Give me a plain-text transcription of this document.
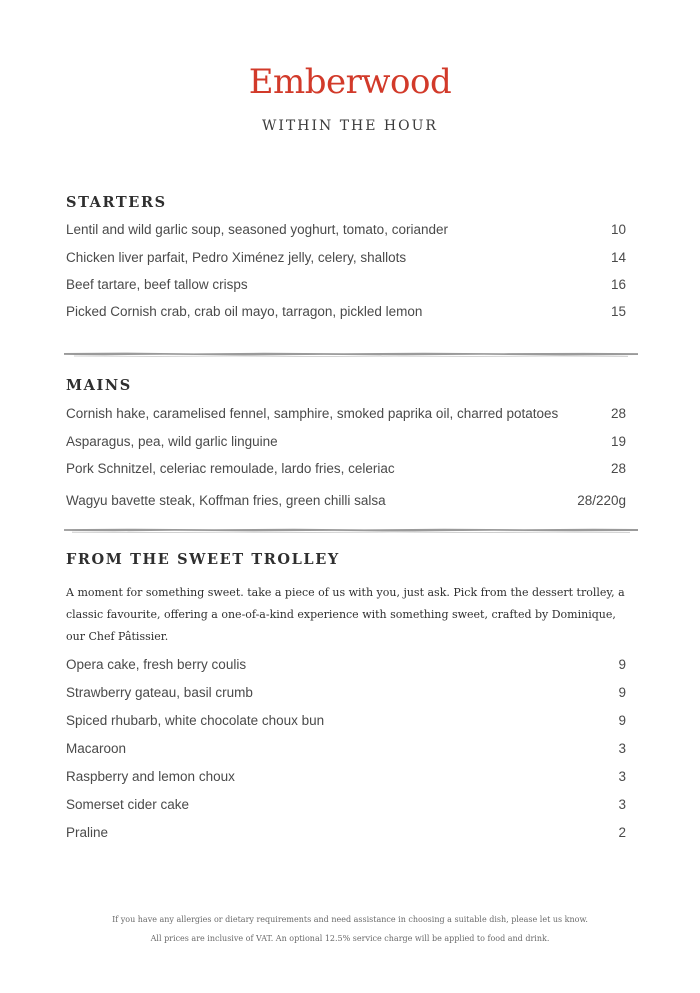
Emberwood
WITHIN THE HOUR
STARTERS
Lentil and wild garlic soup, seasoned yoghurt, tomato, coriander	10
Chicken liver parfait, Pedro Ximénez jelly, celery, shallots	14
Beef tartare, beef tallow crisps	16
Picked Cornish crab, crab oil mayo, tarragon, pickled lemon	15
MAINS
Cornish hake, caramelised fennel, samphire, smoked paprika oil, charred potatoes	28
Asparagus, pea, wild garlic linguine	19
Pork Schnitzel, celeriac remoulade, lardo fries, celeriac	28
Wagyu bavette steak, Koffman fries, green chilli salsa	28/220g
FROM THE SWEET TROLLEY
A moment for something sweet. take a piece of us with you, just ask. Pick from the dessert trolley, a classic favourite, offering a one-of-a-kind experience with something sweet, crafted by Dominique, our Chef Pâtissier.
Opera cake, fresh berry coulis	9
Strawberry gateau, basil crumb	9
Spiced rhubarb, white chocolate choux bun	9
Macaroon	3
Raspberry and lemon choux	3
Somerset cider cake	3
Praline	2
If you have any allergies or dietary requirements and need assistance in choosing a suitable dish, please let us know.
All prices are inclusive of VAT. An optional 12.5% service charge will be applied to food and drink.
